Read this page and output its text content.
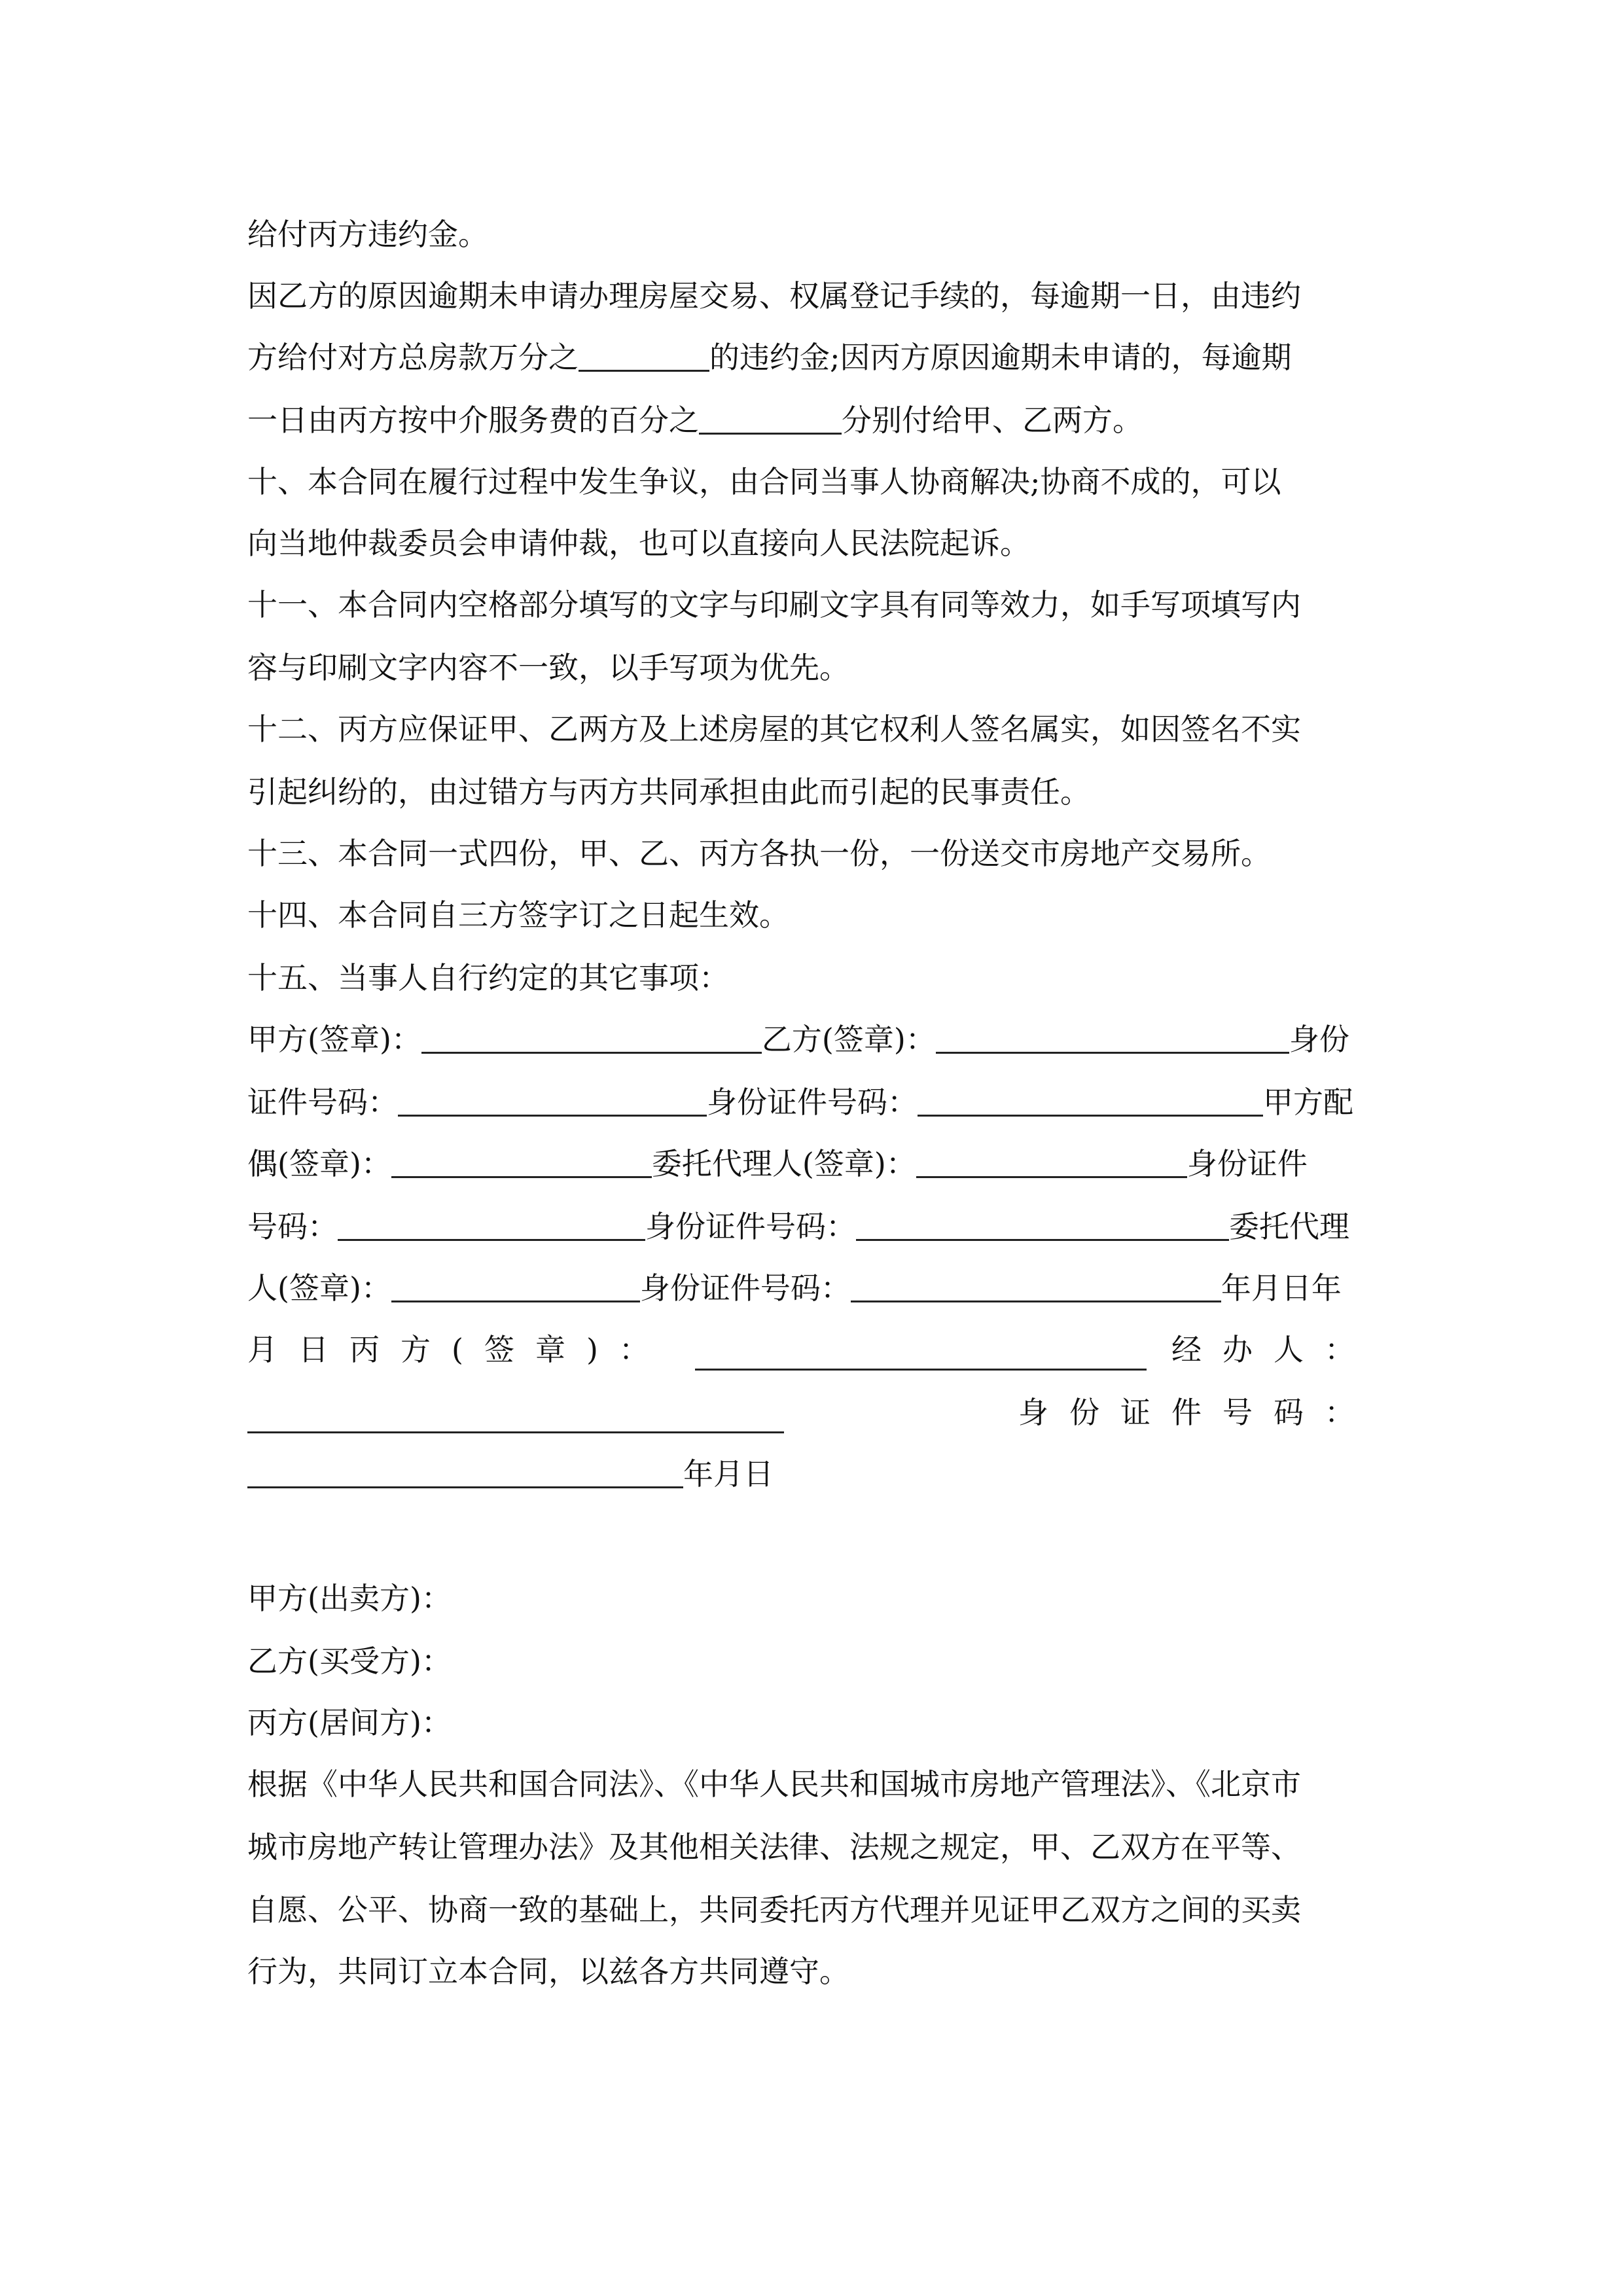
给付丙方违约金。
因乙方的原因逾期未申请办理房屋交易、权属登记手续的，每逾期一日，由违约
方给付对方总房款万分之	的违约金;因丙方原因逾期未申请的，每逾期
一日由丙方按中介服务费的百分之	分别付给甲、乙两方。
十、本合同在履行过程中发生争议，由合同当事人协商解决;协商不成的，可以
向当地仲裁委员会申请仲裁，也可以直接向人民法院起诉。
十一、本合同内空格部分填写的文字与印刷文字具有同等效力，如手写项填写内
容与印刷文字内容不一致，以手写项为优先。
十二、丙方应保证甲、乙两方及上述房屋的其它权利人签名属实，如因签名不实
引起纠纷的，由过错方与丙方共同承担由此而引起的民事责任。
十三、本合同一式四份，甲、乙、丙方各执一份，一份送交市房地产交易所。
十四、本合同自三方签字订之日起生效。
十五、当事人自行约定的其它事项：
甲方(签章)：	乙方(签章)：	身份
证件号码：	身份证件号码：	甲方配
偶(签章)：	委托代理人(签章)：	身份证件
号码：	身份证件号码：	委托代理
人(签章)：	身份证件号码：	年月日年
月日丙方(签章)：	经办人：
身份证件号码：
年月日
甲方(出卖方)：
乙方(买受方)：
丙方(居间方)：
根据《中华人民共和国合同法》、《中华人民共和国城市房地产管理法》、《北京市
城市房地产转让管理办法》及其他相关法律、法规之规定，甲、乙双方在平等、
自愿、公平、协商一致的基础上，共同委托丙方代理并见证甲乙双方之间的买卖
行为，共同订立本合同，以兹各方共同遵守。
